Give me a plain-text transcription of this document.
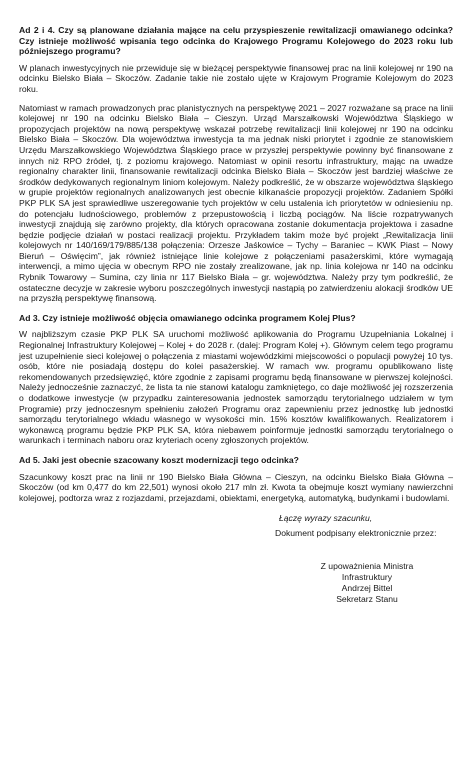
Ad 2 i 4. Czy są planowane działania mające na celu przyspieszenie rewitalizacji omawianego odcinka? Czy istnieje możliwość wpisania tego odcinka do Krajowego Programu Kolejowego do 2023 roku lub późniejszego programu?
W planach inwestycyjnych nie przewiduje się w bieżącej perspektywie finansowej prac na linii kolejowej nr 190 na odcinku Bielsko Biała – Skoczów. Zadanie takie nie zostało ujęte w Krajowym Programie Kolejowym do 2023 roku.
Natomiast w ramach prowadzonych prac planistycznych na perspektywę 2021 – 2027 rozważane są prace na linii kolejowej nr 190 na odcinku Bielsko Biała – Cieszyn. Urząd Marszałkowski Województwa Śląskiego w propozycjach projektów na nową perspektywę wskazał potrzebę rewitalizacji linii kolejowej nr 190 na odcinku Bielsko Biała – Skoczów. Dla województwa inwestycja ta ma jednak niski priorytet i zgodnie ze stanowiskiem Urzędu Marszałkowskiego Województwa Śląskiego prace w przyszłej perspektywie powinny być finansowane z innych niż RPO źródeł, tj. z poziomu krajowego. Natomiast w opinii resortu infrastruktury, mając na uwadze regionalny charakter linii, finansowanie rewitalizacji odcinka Bielsko Biała – Skoczów jest bardziej właściwe ze środków dedykowanych regionalnym liniom kolejowym. Należy podkreślić, że w obszarze województwa śląskiego w grupie projektów regionalnych analizowanych jest obecnie kilkanaście propozycji projektów. Zadaniem Spółki PKP PLK SA jest sprawiedliwe uszeregowanie tych projektów w celu ustalenia ich priorytetów w odniesieniu np. do potencjału ludnościowego, problemów z przepustowością i liczbą pociągów. Na liście rozpatrywanych inwestycji znajdują się zarówno projekty, dla których opracowana zostanie dokumentacja projektowa i zasadne będzie podjęcie działań w postaci realizacji projektu. Przykładem takim może być projekt „Rewitalizacja linii kolejowych nr 140/169/179/885/138 połączenia: Orzesze Jaśkowice – Tychy – Baraniec – KWK Piast – Nowy Bieruń – Oświęcim”, jak również istniejące linie kolejowe z połączeniami pasażerskimi, które wymagają interwencji, a mimo ujęcia w obecnym RPO nie zostały zrealizowane, jak np. linia kolejowa nr 140 na odcinku Rybnik Towarowy – Sumina, czy linia nr 117 Bielsko Biała – gr. województwa. Należy przy tym podkreślić, że ostateczne decyzje w zakresie wyboru poszczególnych inwestycji nastąpią po zatwierdzeniu alokacji środków UE na przyszłą perspektywę finansową.
Ad 3. Czy istnieje możliwość objęcia omawianego odcinka programem Kolej Plus?
W najbliższym czasie PKP PLK SA uruchomi możliwość aplikowania do Programu Uzupełniania Lokalnej i Regionalnej Infrastruktury Kolejowej – Kolej + do 2028 r. (dalej: Program Kolej +). Głównym celem tego programu jest uzupełnienie sieci kolejowej o połączenia z miastami wojewódzkimi miejscowości o populacji powyżej 10 tys. osób, które nie posiadają dostępu do kolei pasażerskiej. W ramach ww. programu opublikowano listę rekomendowanych przedsięwzięć, które zgodnie z zapisami programu będą finansowane w pierwszej kolejności. Należy jednocześnie zaznaczyć, że lista ta nie stanowi katalogu zamkniętego, co daje możliwość jej rozszerzenia o dodatkowe inwestycje (w przypadku zainteresowania jednostek samorządu terytorialnego udziałem w tym Programie) przy jednoczesnym spełnieniu założeń Programu oraz zapewnieniu przez jednostkę lub jednostki samorządu terytorialnego wkładu własnego w wysokości min. 15% kosztów kwalifikowanych. Realizatorem i wykonawcą programu będzie PKP PLK SA, która niebawem poinformuje jednostki samorządu terytorialnego o warunkach i terminach naboru oraz kryteriach oceny zgłoszonych projektów.
Ad 5. Jaki jest obecnie szacowany koszt modernizacji tego odcinka?
Szacunkowy koszt prac na linii nr 190 Bielsko Biała Główna – Cieszyn, na odcinku Bielsko Biała Główna – Skoczów (od km 0,477 do km 22,501) wynosi około 217 mln zł. Kwota ta obejmuje koszt wymiany nawierzchni kolejowej, podtorza wraz z rozjazdami, przejazdami, obiektami, energetyką, automatyką, budynkami i budowlami.
Łączę wyrazy szacunku,
Dokument podpisany elektronicznie przez:
Z upoważnienia Ministra Infrastruktury
Andrzej Bittel
Sekretarz Stanu
